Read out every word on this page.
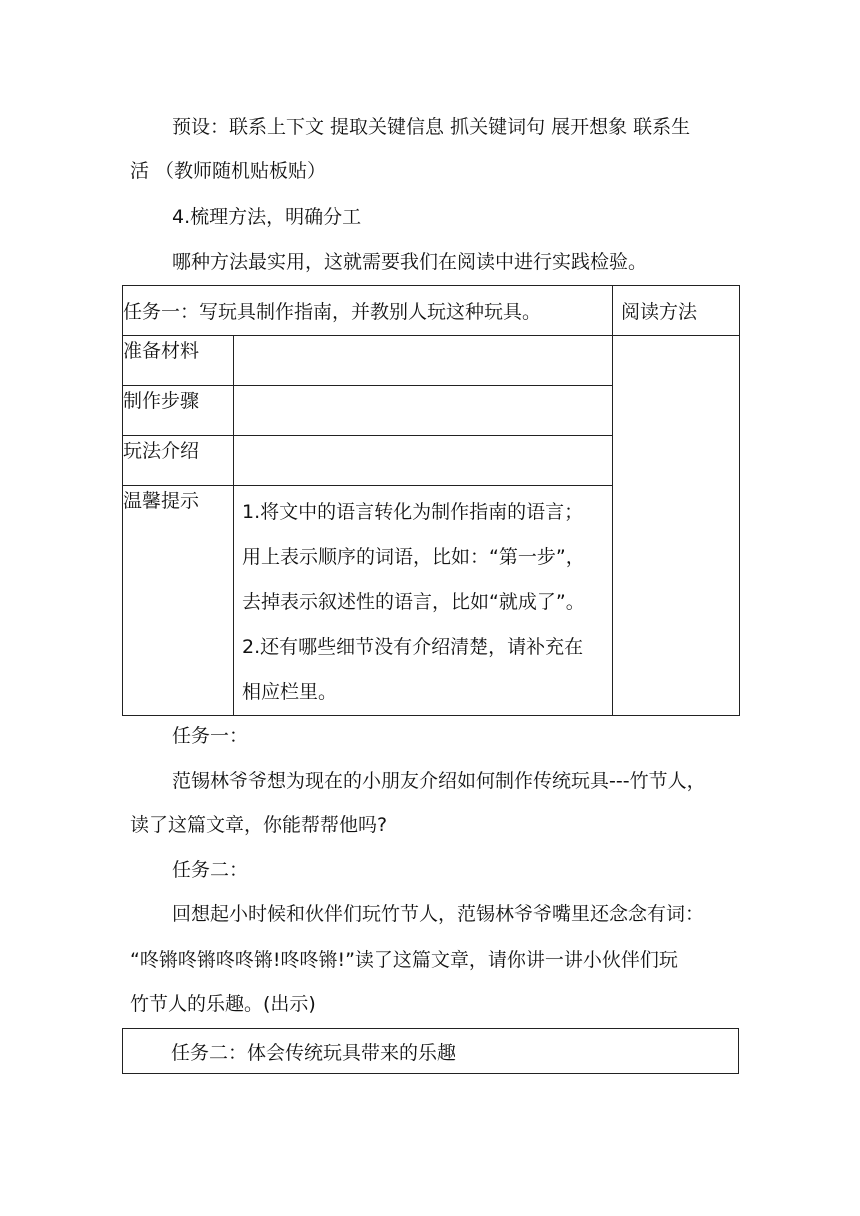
预设：联系上下文 提取关键信息 抓关键词句 展开想象 联系生
活 （教师随机贴板贴）
4.梳理方法，明确分工
哪种方法最实用，这就需要我们在阅读中进行实践检验。
任务一：写玩具制作指南，并教别人玩这种玩具。		阅读方法
准备材料		
制作步骤		
玩法介绍		
温馨提示	1.将文中的语言转化为制作指南的语言；
用上表示顺序的词语，比如：“第一步”，
去掉表示叙述性的语言，比如“就成了”。
2.还有哪些细节没有介绍清楚，请补充在
相应栏里。	
任务一：
范锡林爷爷想为现在的小朋友介绍如何制作传统玩具---竹节人，
读了这篇文章，你能帮帮他吗?
任务二：
回想起小时候和伙伴们玩竹节人，范锡林爷爷嘴里还念念有词：
“咚锵咚锵咚咚锵!咚咚锵!”读了这篇文章，请你讲一讲小伙伴们玩
竹节人的乐趣。(出示)
任务二：体会传统玩具带来的乐趣
